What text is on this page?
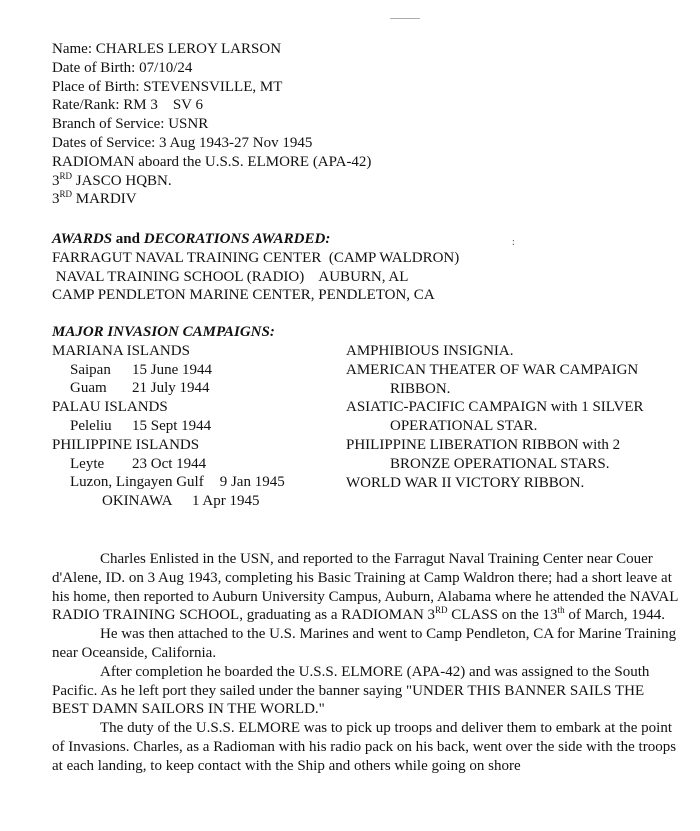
:
Name: CHARLES LEROY LARSON
Date of Birth: 07/10/24
Place of Birth: STEVENSVILLE, MT
Rate/Rank: RM 3    SV 6
Branch of Service: USNR
Dates of Service: 3 Aug 1943-27 Nov 1945
RADIOMAN aboard the U.S.S. ELMORE (APA-42)
3RD JASCO HQBN.
3RD MARDIV
AWARDS and DECORATIONS AWARDED:
FARRAGUT NAVAL TRAINING CENTER  (CAMP WALDRON)
NAVAL TRAINING SCHOOL (RADIO)    AUBURN, AL
CAMP PENDLETON MARINE CENTER, PENDLETON, CA
MAJOR INVASION CAMPAIGNS:
MARIANA ISLANDS
Saipan 15 June 1944
Guam 21 July 1944
PALAU ISLANDS
Peleliu 15 Sept 1944
PHILIPPINE ISLANDS
Leyte 23 Oct 1944
Luzon, Lingayen Gulf 9 Jan 1945
OKINAWA 1 Apr 1945
AMPHIBIOUS INSIGNIA.
AMERICAN THEATER OF WAR CAMPAIGN
RIBBON.
ASIATIC-PACIFIC CAMPAIGN with 1 SILVER
OPERATIONAL STAR.
PHILIPPINE LIBERATION RIBBON with 2
BRONZE OPERATIONAL STARS.
WORLD WAR II VICTORY RIBBON.

Charles Enlisted in the USN, and reported to the Farragut Naval Training Center near Couer d'Alene, ID. on 3 Aug 1943, completing his Basic Training at Camp Waldron there; had a short leave at his home, then reported to Auburn University Campus, Auburn, Alabama where he attended the NAVAL RADIO TRAINING SCHOOL, graduating as a RADIOMAN 3RD CLASS on the 13th of March, 1944.

He was then attached to the U.S. Marines and went to Camp Pendleton, CA for Marine Training near Oceanside, California.

After completion he boarded the U.S.S. ELMORE (APA-42) and was assigned to the South Pacific. As he left port they sailed under the banner saying "UNDER THIS BANNER SAILS THE BEST DAMN SAILORS IN THE WORLD."

The duty of the U.S.S. ELMORE was to pick up troops and deliver them to embark at the point of Invasions. Charles, as a Radioman with his radio pack on his back, went over the side with the troops at each landing, to keep contact with the Ship and others while going on shore
